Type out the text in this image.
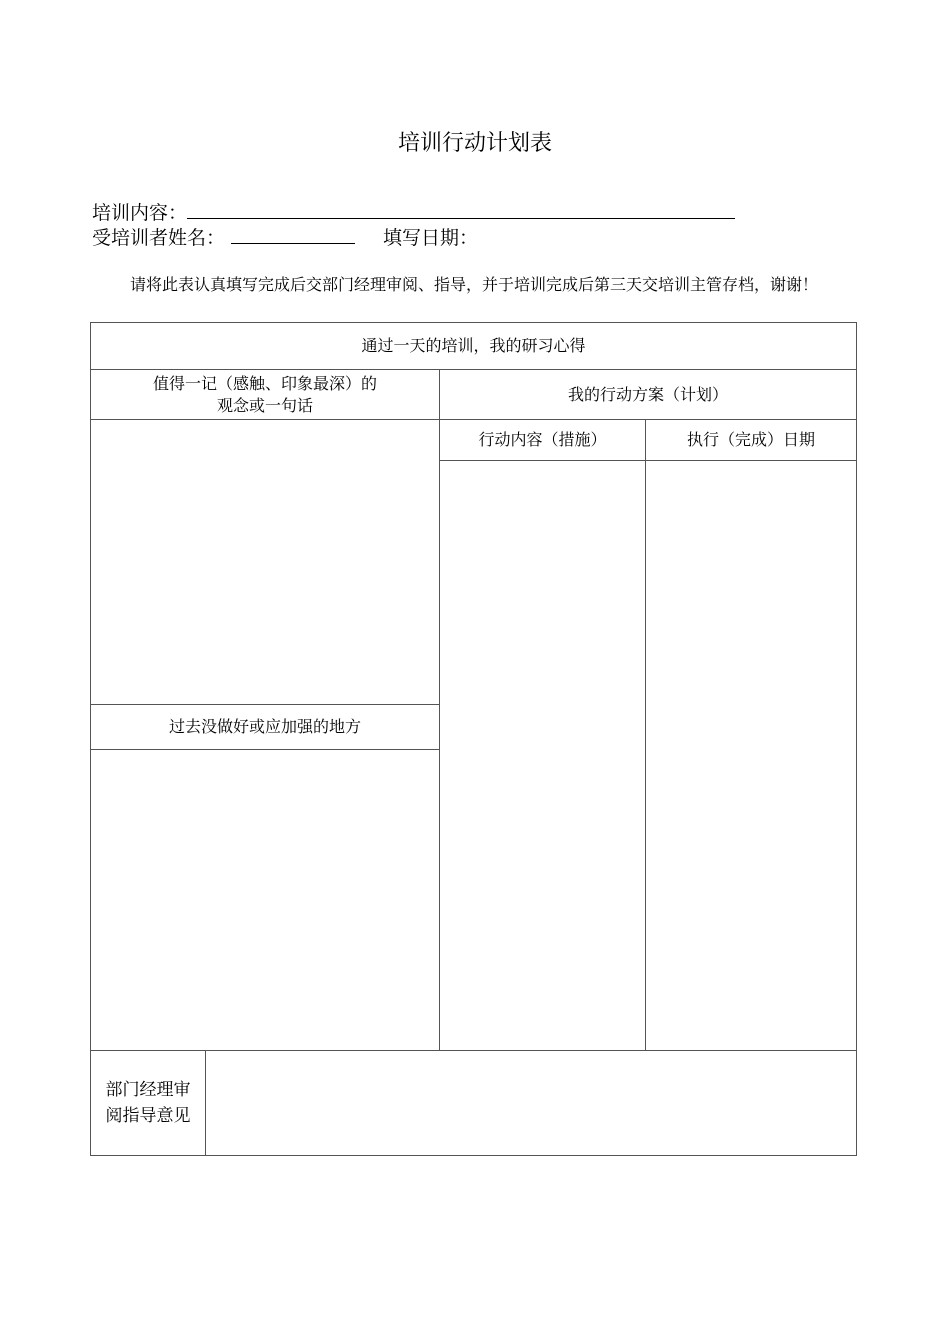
培训行动计划表
培训内容：
受培训者姓名：	填写日期：
请将此表认真填写完成后交部门经理审阅、指导，并于培训完成后第三天交培训主管存档，谢谢！
通过一天的培训，我的研习心得
值得一记（感触、印象最深）的
观念或一句话
我的行动方案（计划）
过去没做好或应加强的地方
行动内容（措施）	执行（完成）日期
部门经理审
阅指导意见
